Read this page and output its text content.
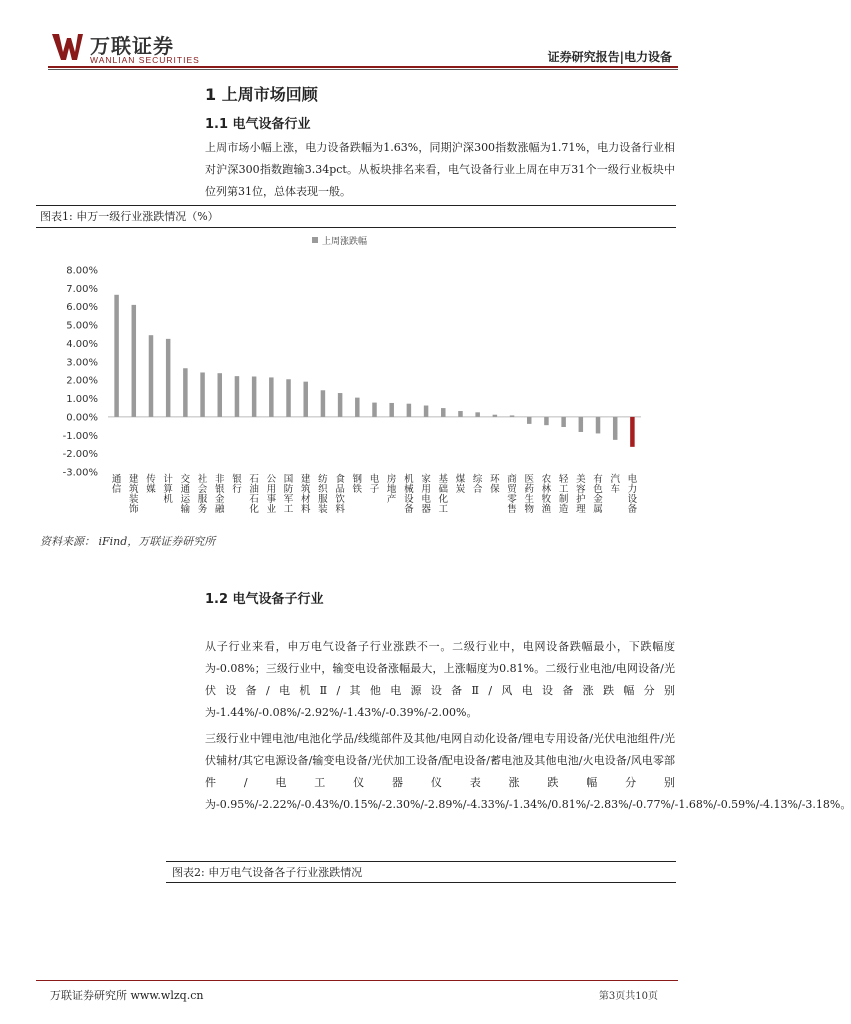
万联证券
WANLIAN SECURITIES	证券研究报告|电力设备
1 上周市场回顾
1.1 电气设备行业
上周市场小幅上涨，电力设备跌幅为1.63%，同期沪深300指数涨幅为1.71%，电力设备行业相对沪深300指数跑输3.34pct。从板块排名来看，电气设备行业上周在申万31个一级行业板块中位列第31位，总体表现一般。
图表1: 申万一级行业涨跌情况（%）
上周涨跌幅
8.00%
7.00%
6.00%
5.00%
4.00%
3.00%
2.00%
1.00%
0.00%
-1.00%
-2.00%
-3.00%
通信
建筑装饰
传媒
计算机
交通运输
社会服务
非银金融
银行
石油石化
公用事业
国防军工
建筑材料
纺织服装
食品饮料
钢铁
电子
房地产
机械设备
家用电器
基础化工
煤炭
综合
环保
商贸零售
医药生物
农林牧渔
轻工制造
美容护理
有色金属
汽车
电力设备
资料来源： iFind，万联证券研究所
1.2 电气设备子行业
从子行业来看，申万电气设备子行业涨跌不一。二级行业中，电网设备跌幅最小，下跌幅度为-0.08%；三级行业中，输变电设备涨幅最大，上涨幅度为0.81%。二级行业电池/电网设备/光伏设备/电机Ⅱ/其他电源设备Ⅱ/风电设备涨跌幅分别为-1.44%/-0.08%/-2.92%/-1.43%/-0.39%/-2.00%。
三级行业中锂电池/电池化学品/线缆部件及其他/电网自动化设备/锂电专用设备/光伏电池组件/光伏辅材/其它电源设备/输变电设备/光伏加工设备/配电设备/蓄电池及其他电池/火电设备/风电零部件/电工仪器仪表涨跌幅分别为-0.95%/-2.22%/-0.43%/0.15%/-2.30%/-2.89%/-4.33%/-1.34%/0.81%/-2.83%/-0.77%/-1.68%/-0.59%/-4.13%/-3.18%。
图表2: 申万电气设备各子行业涨跌情况
万联证券研究所 www.wlzq.cn	第3页共10页
